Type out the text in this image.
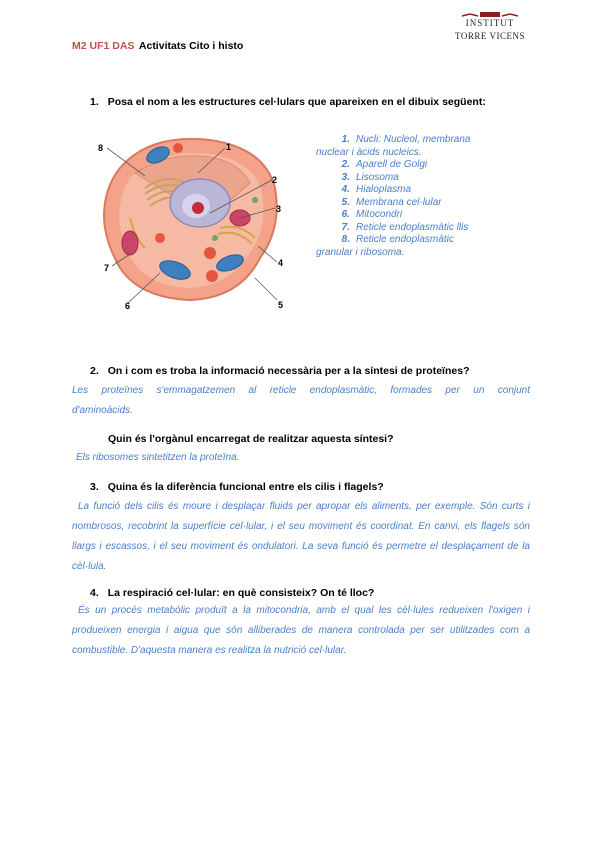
M2 UF1 DAS Activitats Cito i histo
INSTITUT
TORRE VICENS
1. Posa el nom a les estructures cel·lulars que apareixen en el dibuix següent:
8	1
2
3
4
5
6
7
1. Nucli: Nucleol, membrana
nuclear i àcids nucleics.
2. Aparell de Golgi
3. Lisosoma
4. Hialoplasma
5. Membrana cel·lular
6. Mitocondri
7. Reticle endoplasmàtic llis
8. Reticle endoplasmàtic
granular i ribosoma.
2. On i com es troba la informació necessària per a la síntesi de proteïnes?
Les proteïnes s'emmagatzemen al reticle endoplasmàtic, formades per un conjunt d'aminoàcids.
Quin és l'orgànul encarregat de realitzar aquesta síntesi?
Els ribosomes sintetitzen la proteïna.
3. Quina és la diferència funcional entre els cilis i flagels?
La funció dels cilis és moure i desplaçar fluids per apropar els aliments, per exemple. Són curts i nombrosos, recobrint la superfície cel·lular, i el seu moviment és coordinat. En canvi, els flagels són llargs i escassos, i el seu moviment és ondulatori. La seva funció és permetre el desplaçament de la cèl·lula.
4. La respiració cel·lular: en què consisteix? On té lloc?
És un procés metabòlic produït a la mitocondria, amb el qual les cèl·lules redueixen l'oxigen i produeixen energia i aigua que són alliberades de manera controlada per ser utilitzades com a combustible. D'aquesta manera es realitza la nutrició cel·lular.
